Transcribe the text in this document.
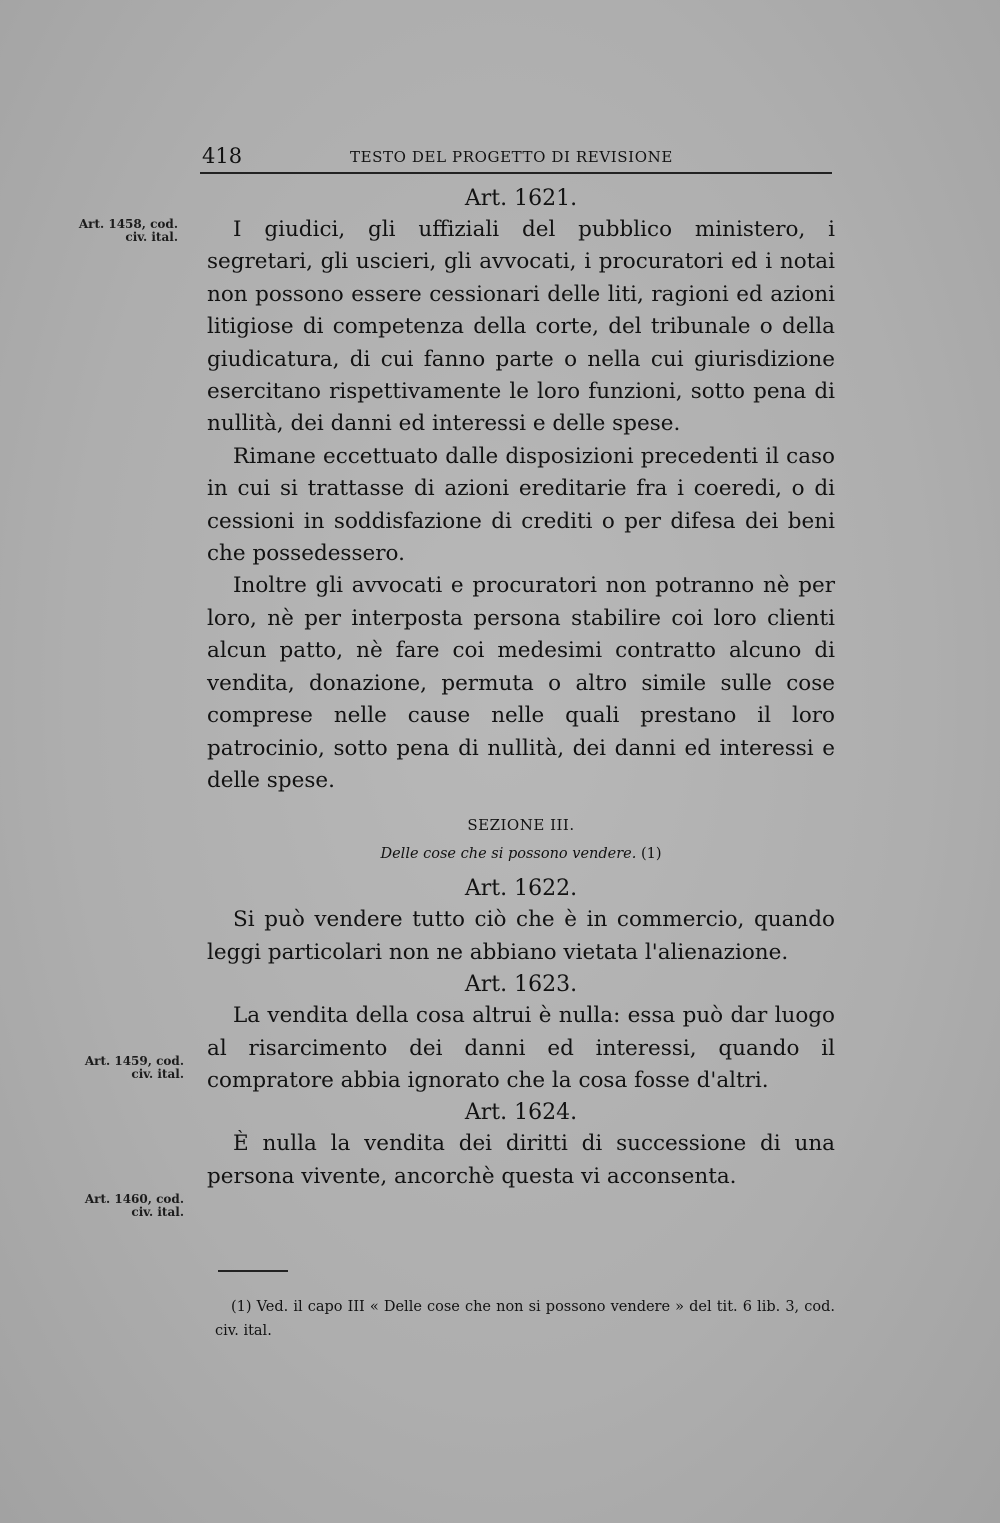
418	TESTO DEL PROGETTO DI REVISIONE
Art. 1458, cod. civ. ital.
Art. 1459, cod. civ. ital.
Art. 1460, cod. civ. ital.

Art. 1621.

I giudici, gli uffiziali del pubblico ministero, i segretari, gli uscieri, gli avvocati, i procuratori ed i notai non possono essere cessionari delle liti, ragioni ed azioni litigiose di competenza della corte, del tribunale o della giudicatura, di cui fanno parte o nella cui giurisdizione esercitano rispettivamente le loro funzioni, sotto pena di nullità, dei danni ed interessi e delle spese.

Rimane eccettuato dalle disposizioni precedenti il caso in cui si trattasse di azioni ereditarie fra i coeredi, o di cessioni in soddisfazione di crediti o per difesa dei beni che possedessero.

Inoltre gli avvocati e procuratori non potranno nè per loro, nè per interposta persona stabilire coi loro clienti alcun patto, nè fare coi medesimi contratto alcuno di vendita, donazione, permuta o altro simile sulle cose comprese nelle cause nelle quali prestano il loro patrocinio, sotto pena di nullità, dei danni ed interessi e delle spese.

SEZIONE III.

Delle cose che si possono vendere. (1)

Art. 1622.

Si può vendere tutto ciò che è in commercio, quando leggi particolari non ne abbiano vietata l'alienazione.

Art. 1623.

La vendita della cosa altrui è nulla: essa può dar luogo al risarcimento dei danni ed interessi, quando il compratore abbia ignorato che la cosa fosse d'altri.

Art. 1624.

È nulla la vendita dei diritti di successione di una persona vivente, ancorchè questa vi acconsenta.

(1) Ved. il capo III « Delle cose che non si possono vendere » del tit. 6 lib. 3, cod. civ. ital.
